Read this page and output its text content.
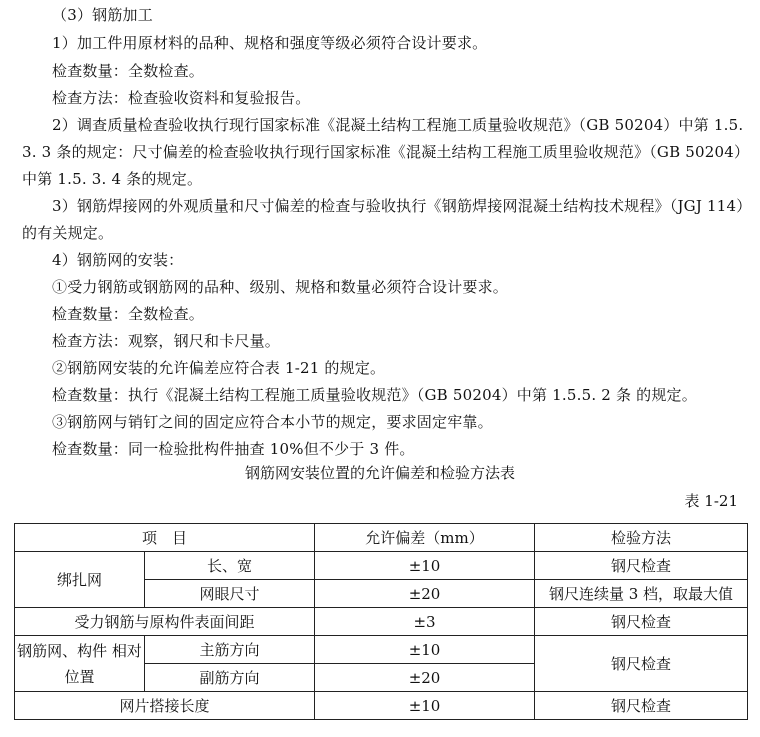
（3）钢筋加工
1）加工件用原材料的品种、规格和强度等级必须符合设计要求。
检查数量：全数检查。
检查方法：检查验收资料和复验报告。
2）调查质量检查验收执行现行国家标准《混凝土结构工程施工质量验收规范》（GB 50204）中第 1.5.
3. 3 条的规定：尺寸偏差的检查验收执行现行国家标准《混凝土结构工程施工质里验收规范》（GB 50204）
中第 1.5. 3. 4 条的规定。
3）钢筋焊接网的外观质量和尺寸偏差的检查与验收执行《钢筋焊接网混凝土结构技术规程》（JGJ 114）
的有关规定。
4）钢筋网的安装：
①受力钢筋或钢筋网的品种、级别、规格和数量必须符合设计要求。
检查数量：全数检查。
检查方法：观察，钢尺和卡尺量。
②钢筋网安装的允许偏差应符合表 1-21 的规定。
检查数量：执行《混凝土结构工程施工质量验收规范》（GB 50204）中第 1.5.5. 2 条 的规定。
③钢筋网与销钉之间的固定应符合本小节的规定，要求固定牢靠。
检查数量：同一检验批构件抽查 10%但不少于 3 件。
钢筋网安装位置的允许偏差和检验方法表
表 1-21
项　目		允许偏差（mm）	检验方法
绑扎网	长、宽	±10	钢尺检查
	网眼尺寸	±20	钢尺连续量 3 档，取最大值
受力钢筋与原构件表面间距		±3	钢尺检查
钢筋网、构件 相对位置	主筋方向	±10	钢尺检查
	副筋方向	±20	
网片搭接长度		±10	钢尺检查
